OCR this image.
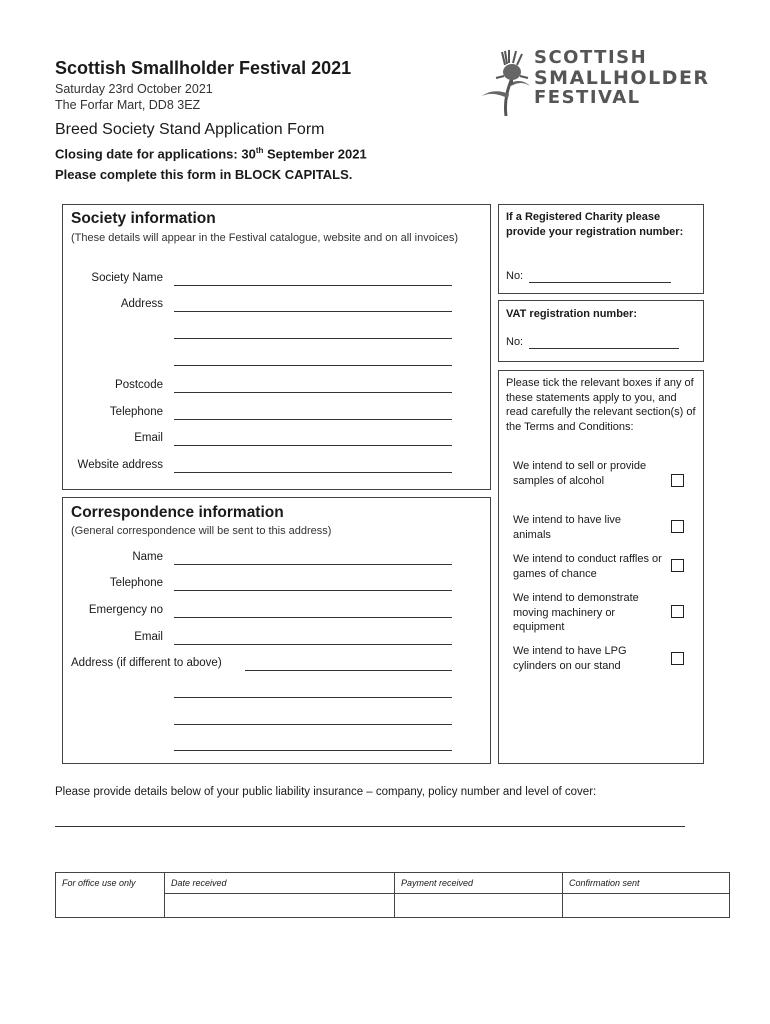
Scottish Smallholder Festival 2021
Saturday 23rd October 2021
The Forfar Mart, DD8 3EZ
Breed Society Stand Application Form
Closing date for applications: 30th September 2021
Please complete this form in BLOCK CAPITALS.
SCOTTISH
SMALLHOLDER
FESTIVAL
Society information
(These details will appear in the Festival catalogue, website and on all invoices)
Society Name
Address
Postcode
Telephone
Email
Website address
Correspondence information
(General correspondence will be sent to this address)
Name
Telephone
Emergency no
Email
Address (if different to above)
If a Registered Charity please provide your registration number:
No:
VAT registration number:
No:
Please tick the relevant boxes if any of these statements apply to you, and read carefully the relevant section(s) of the Terms and Conditions:
We intend to sell or provide samples of alcohol
We intend to have live animals
We intend to conduct raffles or games of chance
We intend to demonstrate moving machinery or equipment
We intend to have LPG cylinders on our stand
Please provide details below of your public liability insurance – company, policy number and level of cover:
For office use only	Date received	Payment received	Confirmation sent
